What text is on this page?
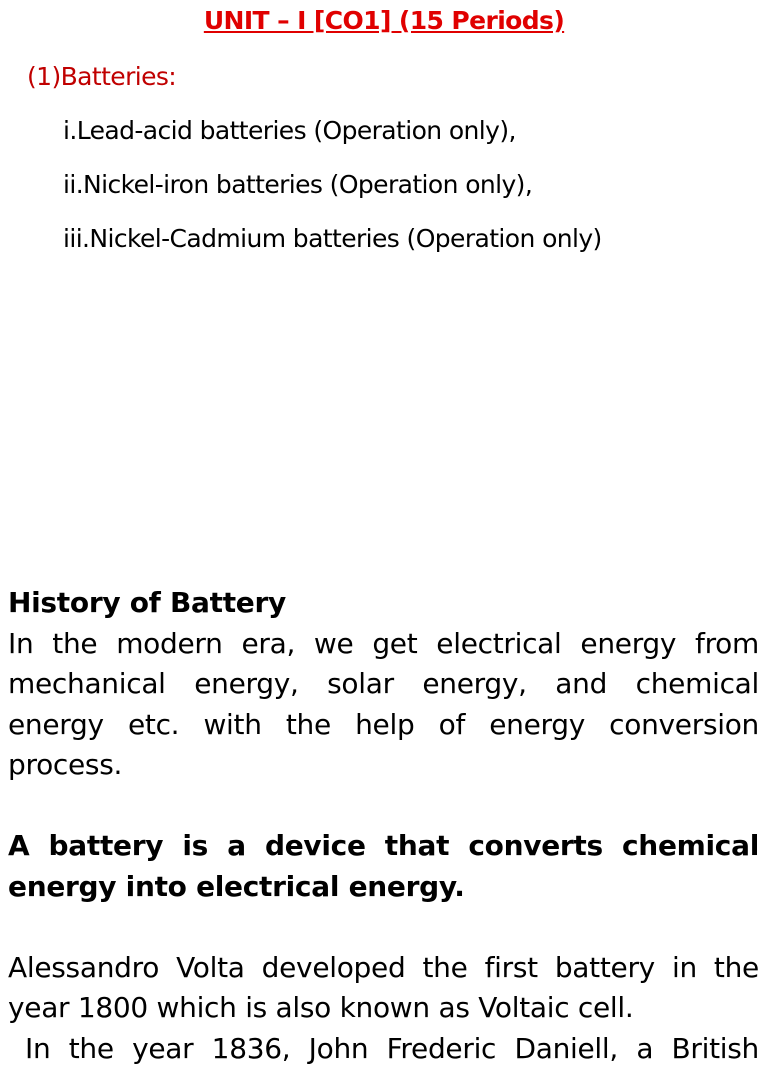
UNIT – I [CO1] (15 Periods)
(1)Batteries:
i.Lead-acid batteries (Operation only),
ii.Nickel-iron batteries (Operation only),
iii.Nickel-Cadmium batteries (Operation only)
History of Battery
In the modern era, we get electrical energy from mechanical energy, solar energy, and chemical energy etc. with the help of energy conversion process.
A battery is a device that converts chemical energy into electrical energy.
Alessandro Volta developed the first battery in the year 1800 which is also known as Voltaic cell.
In the year 1836, John Frederic Daniell, a British
